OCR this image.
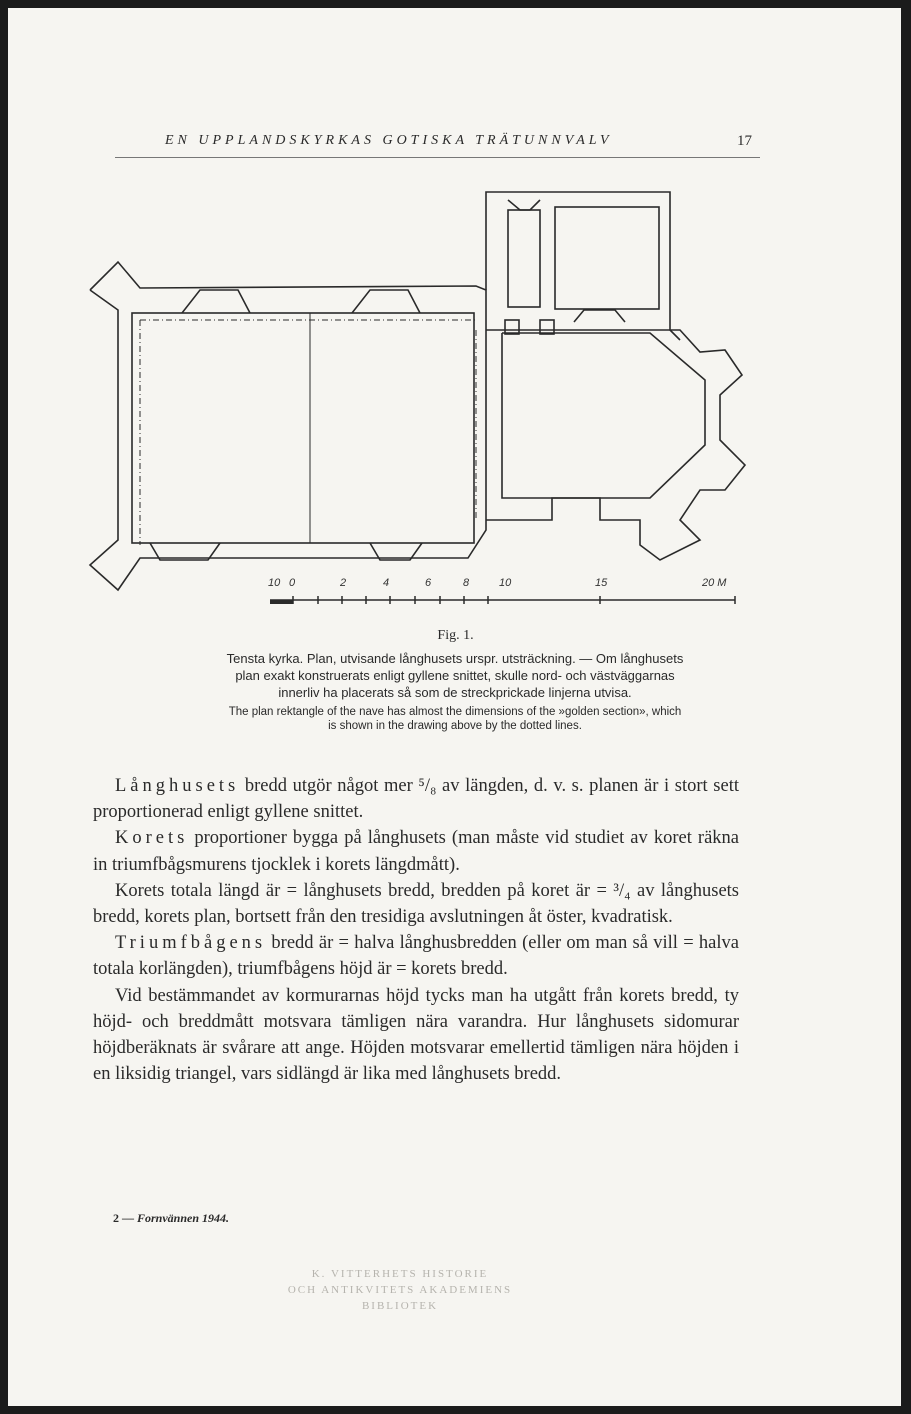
EN UPPLANDSKYRKAS GOTISKA TRÄTUNNVALV	17
10 0	2	4	6	8	10	15	20 M
Fig. 1.
Tensta kyrka. Plan, utvisande långhusets urspr. utsträckning. — Om långhusets
plan exakt konstruerats enligt gyllene snittet, skulle nord- och västväggarnas
innerliv ha placerats så som de streckprickade linjerna utvisa.
The plan rektangle of the nave has almost the dimensions of the »golden section», which
is shown in the drawing above by the dotted lines.

Långhusets bredd utgör något mer ⁵/₈ av längden, d. v. s. planen är i stort sett proportionerad enligt gyllene snittet.

Korets proportioner bygga på långhusets (man måste vid studiet av koret räkna in triumfbågsmurens tjocklek i korets längdmått).

Korets totala längd är = långhusets bredd, bredden på koret är = ³/₄ av långhusets bredd, korets plan, bortsett från den tresidiga avslutningen åt öster, kvadratisk.

Triumfbågens bredd är = halva långhusbredden (eller om man så vill = halva totala korlängden), triumfbågens höjd är = korets bredd.

Vid bestämmandet av kormurarnas höjd tycks man ha utgått från korets bredd, ty höjd- och breddmått motsvara tämligen nära varandra. Hur långhusets sidomurar höjdberäknats är svårare att ange. Höjden motsvarar emellertid tämligen nära höjden i en liksidig triangel, vars sidlängd är lika med långhusets bredd.

2 — Fornvännen 1944.
K. VITTERHETS HISTORIE
OCH ANTIKVITETS AKADEMIENS
BIBLIOTEK
